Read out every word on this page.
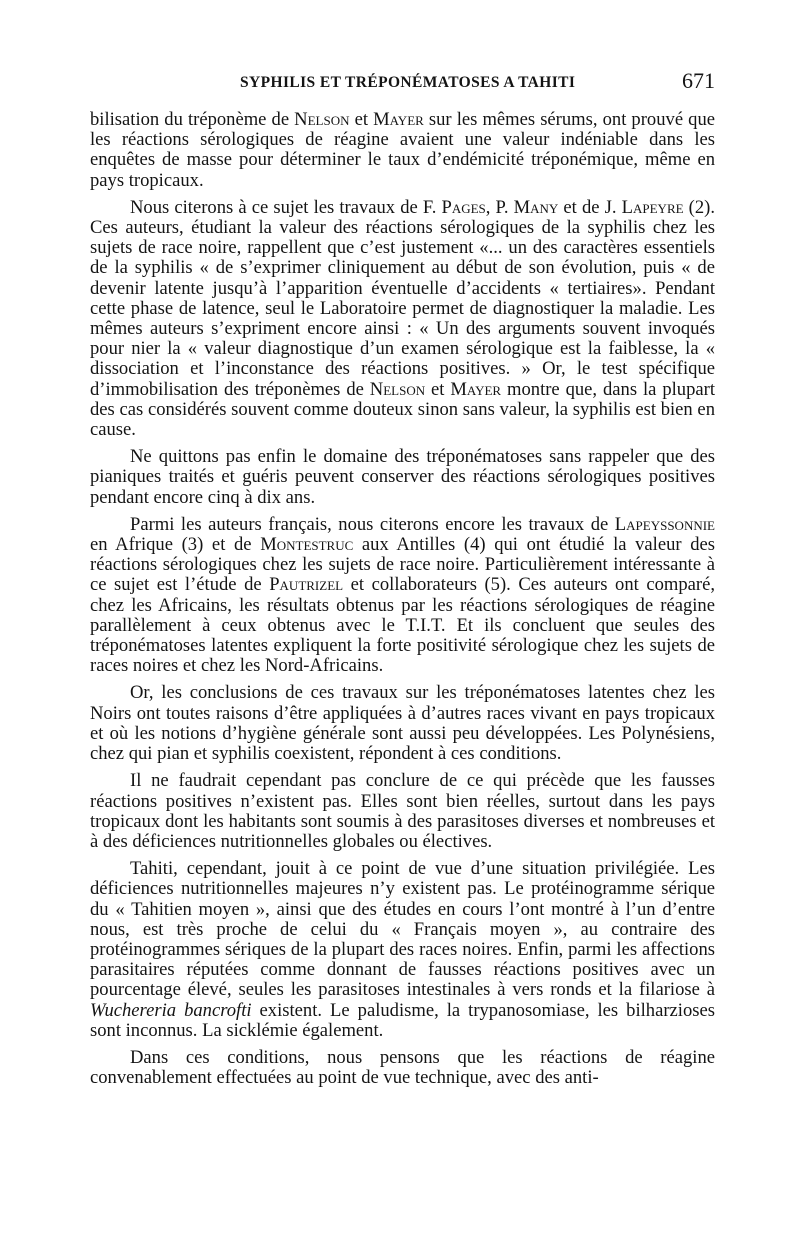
SYPHILIS ET TRÉPONÉMATOSES A TAHITI	671

bilisation du tréponème de Nelson et Mayer sur les mêmes sérums, ont prouvé que les réactions sérologiques de réagine avaient une valeur indéniable dans les enquêtes de masse pour déterminer le taux d’endémicité tréponémique, même en pays tropicaux.

Nous citerons à ce sujet les travaux de F. Pages, P. Many et de J. Lapeyre (2). Ces auteurs, étudiant la valeur des réactions sérologiques de la syphilis chez les sujets de race noire, rappellent que c’est justement «... un des caractères essentiels de la syphilis « de s’exprimer cliniquement au début de son évolution, puis « de devenir latente jusqu’à l’apparition éventuelle d’accidents « tertiaires». Pendant cette phase de latence, seul le Laboratoire permet de diagnostiquer la maladie. Les mêmes auteurs s’expriment encore ainsi : « Un des arguments souvent invoqués pour nier la « valeur diagnostique d’un examen sérologique est la faiblesse, la « dissociation et l’inconstance des réactions positives. » Or, le test spécifique d’immobilisation des tréponèmes de Nelson et Mayer montre que, dans la plupart des cas considérés souvent comme douteux sinon sans valeur, la syphilis est bien en cause.

Ne quittons pas enfin le domaine des tréponématoses sans rappeler que des pianiques traités et guéris peuvent conserver des réactions sérologiques positives pendant encore cinq à dix ans.

Parmi les auteurs français, nous citerons encore les travaux de Lapeyssonnie en Afrique (3) et de Montestruc aux Antilles (4) qui ont étudié la valeur des réactions sérologiques chez les sujets de race noire. Particulièrement intéressante à ce sujet est l’étude de Pautrizel et collaborateurs (5). Ces auteurs ont comparé, chez les Africains, les résultats obtenus par les réactions sérologiques de réagine parallèlement à ceux obtenus avec le T.I.T. Et ils concluent que seules des tréponématoses latentes expliquent la forte positivité sérologique chez les sujets de races noires et chez les Nord-Africains.

Or, les conclusions de ces travaux sur les tréponématoses latentes chez les Noirs ont toutes raisons d’être appliquées à d’autres races vivant en pays tropicaux et où les notions d’hygiène générale sont aussi peu développées. Les Polynésiens, chez qui pian et syphilis coexistent, répondent à ces conditions.

Il ne faudrait cependant pas conclure de ce qui précède que les fausses réactions positives n’existent pas. Elles sont bien réelles, surtout dans les pays tropicaux dont les habitants sont soumis à des parasitoses diverses et nombreuses et à des déficiences nutritionnelles globales ou électives.

Tahiti, cependant, jouit à ce point de vue d’une situation privilégiée. Les déficiences nutritionnelles majeures n’y existent pas. Le protéinogramme sérique du « Tahitien moyen », ainsi que des études en cours l’ont montré à l’un d’entre nous, est très proche de celui du « Français moyen », au contraire des protéinogrammes sériques de la plupart des races noires. Enfin, parmi les affections parasitaires réputées comme donnant de fausses réactions positives avec un pourcentage élevé, seules les parasitoses intestinales à vers ronds et la filariose à Wuchereria bancrofti existent. Le paludisme, la trypanosomiase, les bilharzioses sont inconnus. La sicklémie également.

Dans ces conditions, nous pensons que les réactions de réagine convenablement effectuées au point de vue technique, avec des anti-
